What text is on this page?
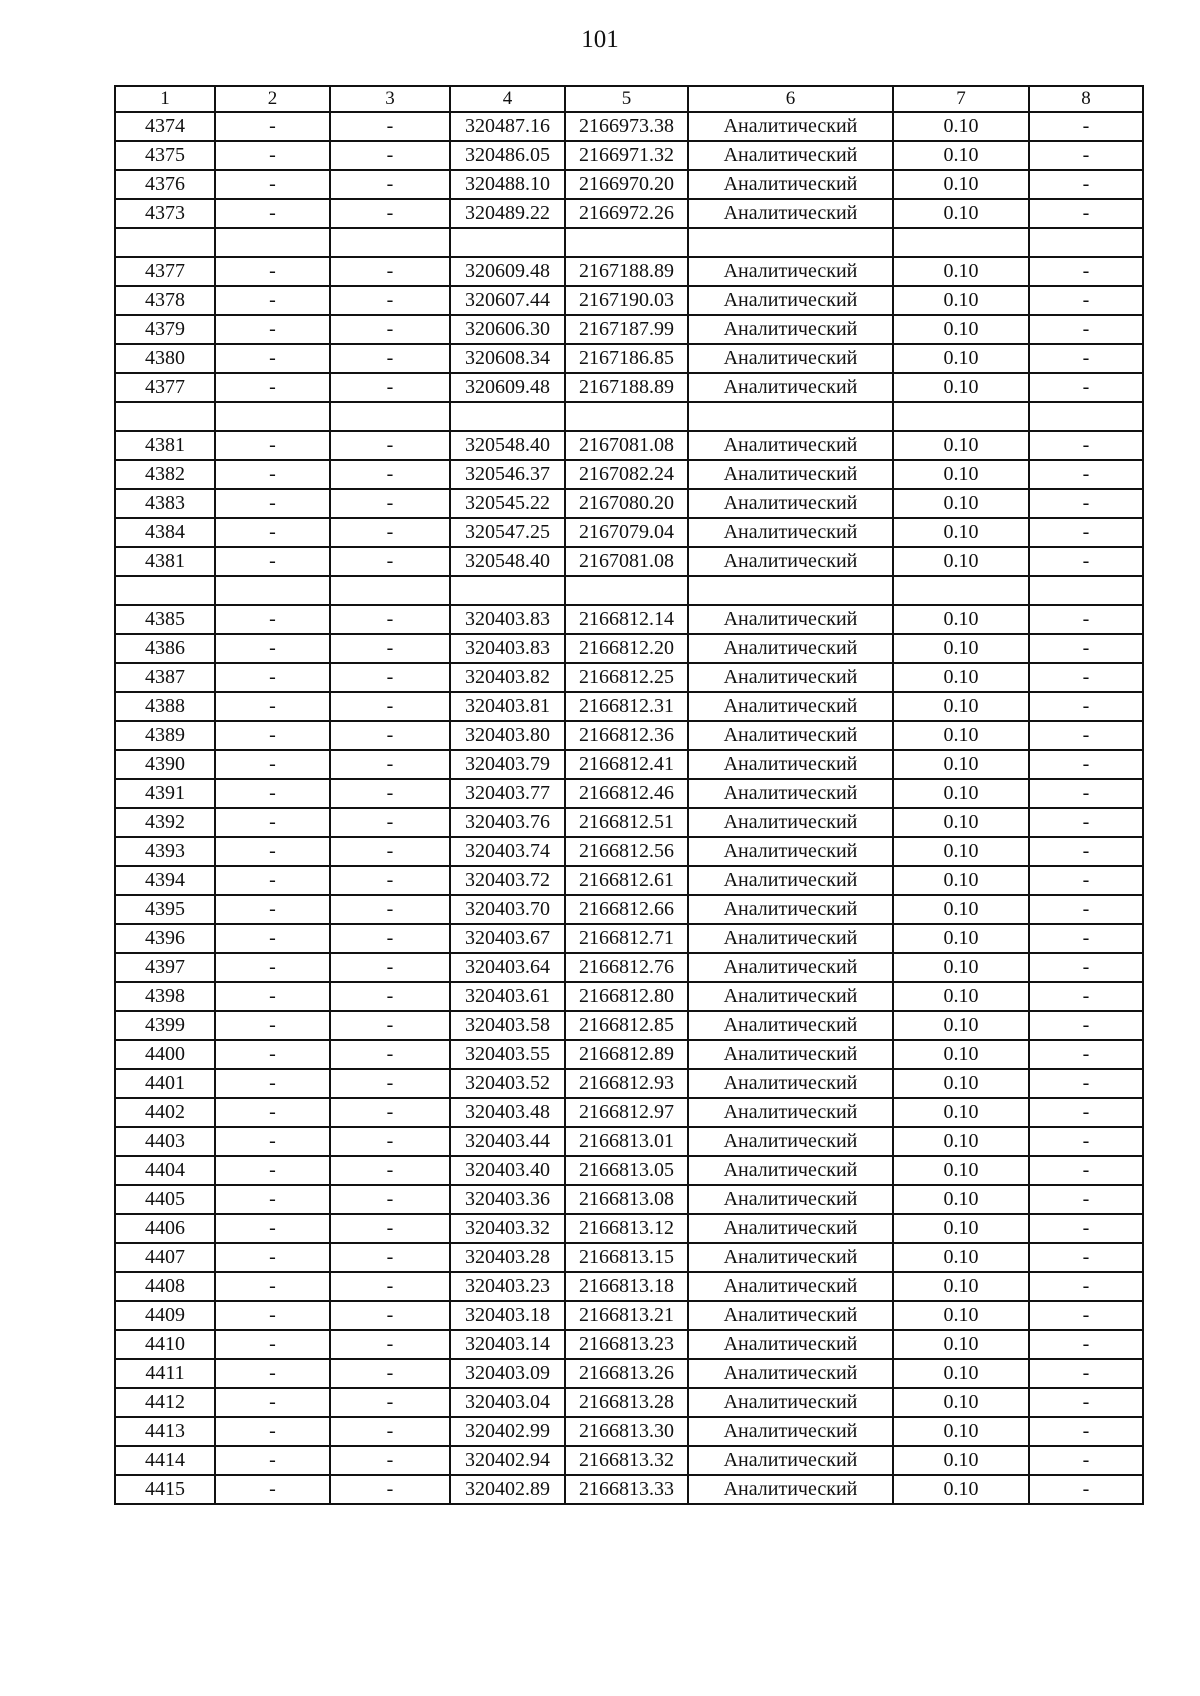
101
1	2	3	4	5	6	7	8
4374	-	-	320487.16	2166973.38	Аналитический	0.10	-
4375	-	-	320486.05	2166971.32	Аналитический	0.10	-
4376	-	-	320488.10	2166970.20	Аналитический	0.10	-
4373	-	-	320489.22	2166972.26	Аналитический	0.10	-

4377	-	-	320609.48	2167188.89	Аналитический	0.10	-
4378	-	-	320607.44	2167190.03	Аналитический	0.10	-
4379	-	-	320606.30	2167187.99	Аналитический	0.10	-
4380	-	-	320608.34	2167186.85	Аналитический	0.10	-
4377	-	-	320609.48	2167188.89	Аналитический	0.10	-

4381	-	-	320548.40	2167081.08	Аналитический	0.10	-
4382	-	-	320546.37	2167082.24	Аналитический	0.10	-
4383	-	-	320545.22	2167080.20	Аналитический	0.10	-
4384	-	-	320547.25	2167079.04	Аналитический	0.10	-
4381	-	-	320548.40	2167081.08	Аналитический	0.10	-

4385	-	-	320403.83	2166812.14	Аналитический	0.10	-
4386	-	-	320403.83	2166812.20	Аналитический	0.10	-
4387	-	-	320403.82	2166812.25	Аналитический	0.10	-
4388	-	-	320403.81	2166812.31	Аналитический	0.10	-
4389	-	-	320403.80	2166812.36	Аналитический	0.10	-
4390	-	-	320403.79	2166812.41	Аналитический	0.10	-
4391	-	-	320403.77	2166812.46	Аналитический	0.10	-
4392	-	-	320403.76	2166812.51	Аналитический	0.10	-
4393	-	-	320403.74	2166812.56	Аналитический	0.10	-
4394	-	-	320403.72	2166812.61	Аналитический	0.10	-
4395	-	-	320403.70	2166812.66	Аналитический	0.10	-
4396	-	-	320403.67	2166812.71	Аналитический	0.10	-
4397	-	-	320403.64	2166812.76	Аналитический	0.10	-
4398	-	-	320403.61	2166812.80	Аналитический	0.10	-
4399	-	-	320403.58	2166812.85	Аналитический	0.10	-
4400	-	-	320403.55	2166812.89	Аналитический	0.10	-
4401	-	-	320403.52	2166812.93	Аналитический	0.10	-
4402	-	-	320403.48	2166812.97	Аналитический	0.10	-
4403	-	-	320403.44	2166813.01	Аналитический	0.10	-
4404	-	-	320403.40	2166813.05	Аналитический	0.10	-
4405	-	-	320403.36	2166813.08	Аналитический	0.10	-
4406	-	-	320403.32	2166813.12	Аналитический	0.10	-
4407	-	-	320403.28	2166813.15	Аналитический	0.10	-
4408	-	-	320403.23	2166813.18	Аналитический	0.10	-
4409	-	-	320403.18	2166813.21	Аналитический	0.10	-
4410	-	-	320403.14	2166813.23	Аналитический	0.10	-
4411	-	-	320403.09	2166813.26	Аналитический	0.10	-
4412	-	-	320403.04	2166813.28	Аналитический	0.10	-
4413	-	-	320402.99	2166813.30	Аналитический	0.10	-
4414	-	-	320402.94	2166813.32	Аналитический	0.10	-
4415	-	-	320402.89	2166813.33	Аналитический	0.10	-
